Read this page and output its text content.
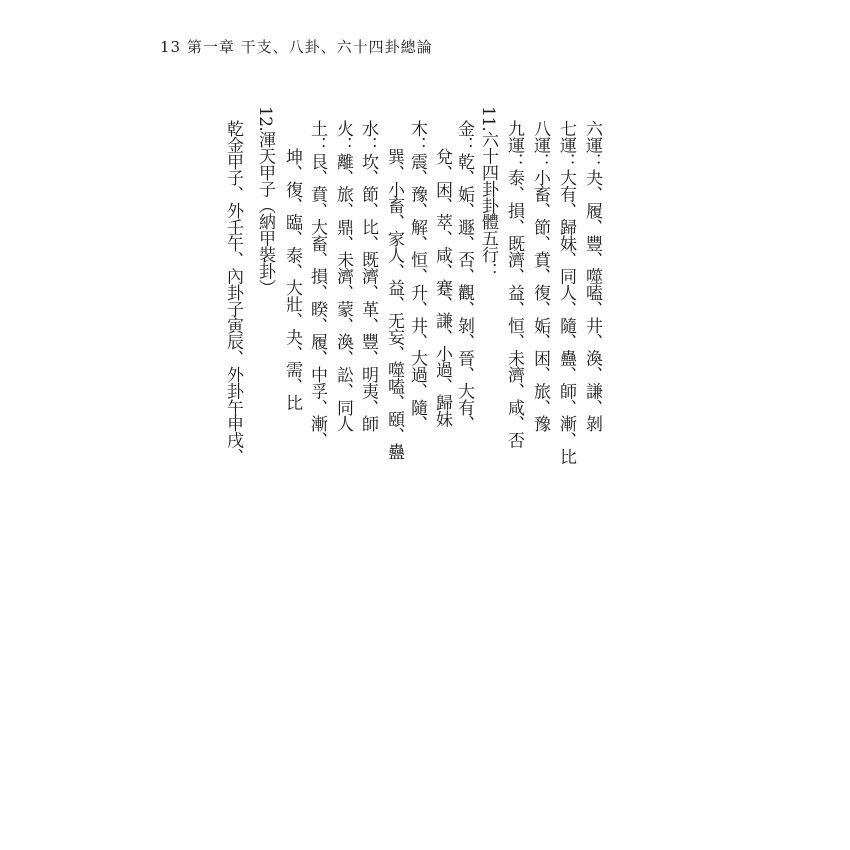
13 第一章 干支、八卦、六十四卦總論
六運：夬、履、豐、噬嗑、井、渙、謙、剝
七運：大有、歸妹、同人、隨、蠱、師、漸、比
八運：小畜、節、賁、復、姤、困、旅、豫
九運：泰、損、既濟、益、恒、未濟、咸、否
11.六十四卦卦體五行：
金：乾、姤、遯、否、觀、剝、晉、大有、
兌、困、萃、咸、蹇、謙、小過、歸妹
木：震、豫、解、恒、升、井、大過、隨、
巽、小畜、家人、益、无妄、噬嗑、頤、蠱
水：坎、節、比、既濟、革、豐、明夷、師
火：離、旅、鼎、未濟、蒙、渙、訟、同人
土：艮、賁、大畜、損、睽、履、中孚、漸、
坤、復、臨、泰、大壯、夬、需、比
12.渾天甲子（納甲裝卦）
乾金甲子、外壬午、內卦子寅辰、外卦午申戌、
